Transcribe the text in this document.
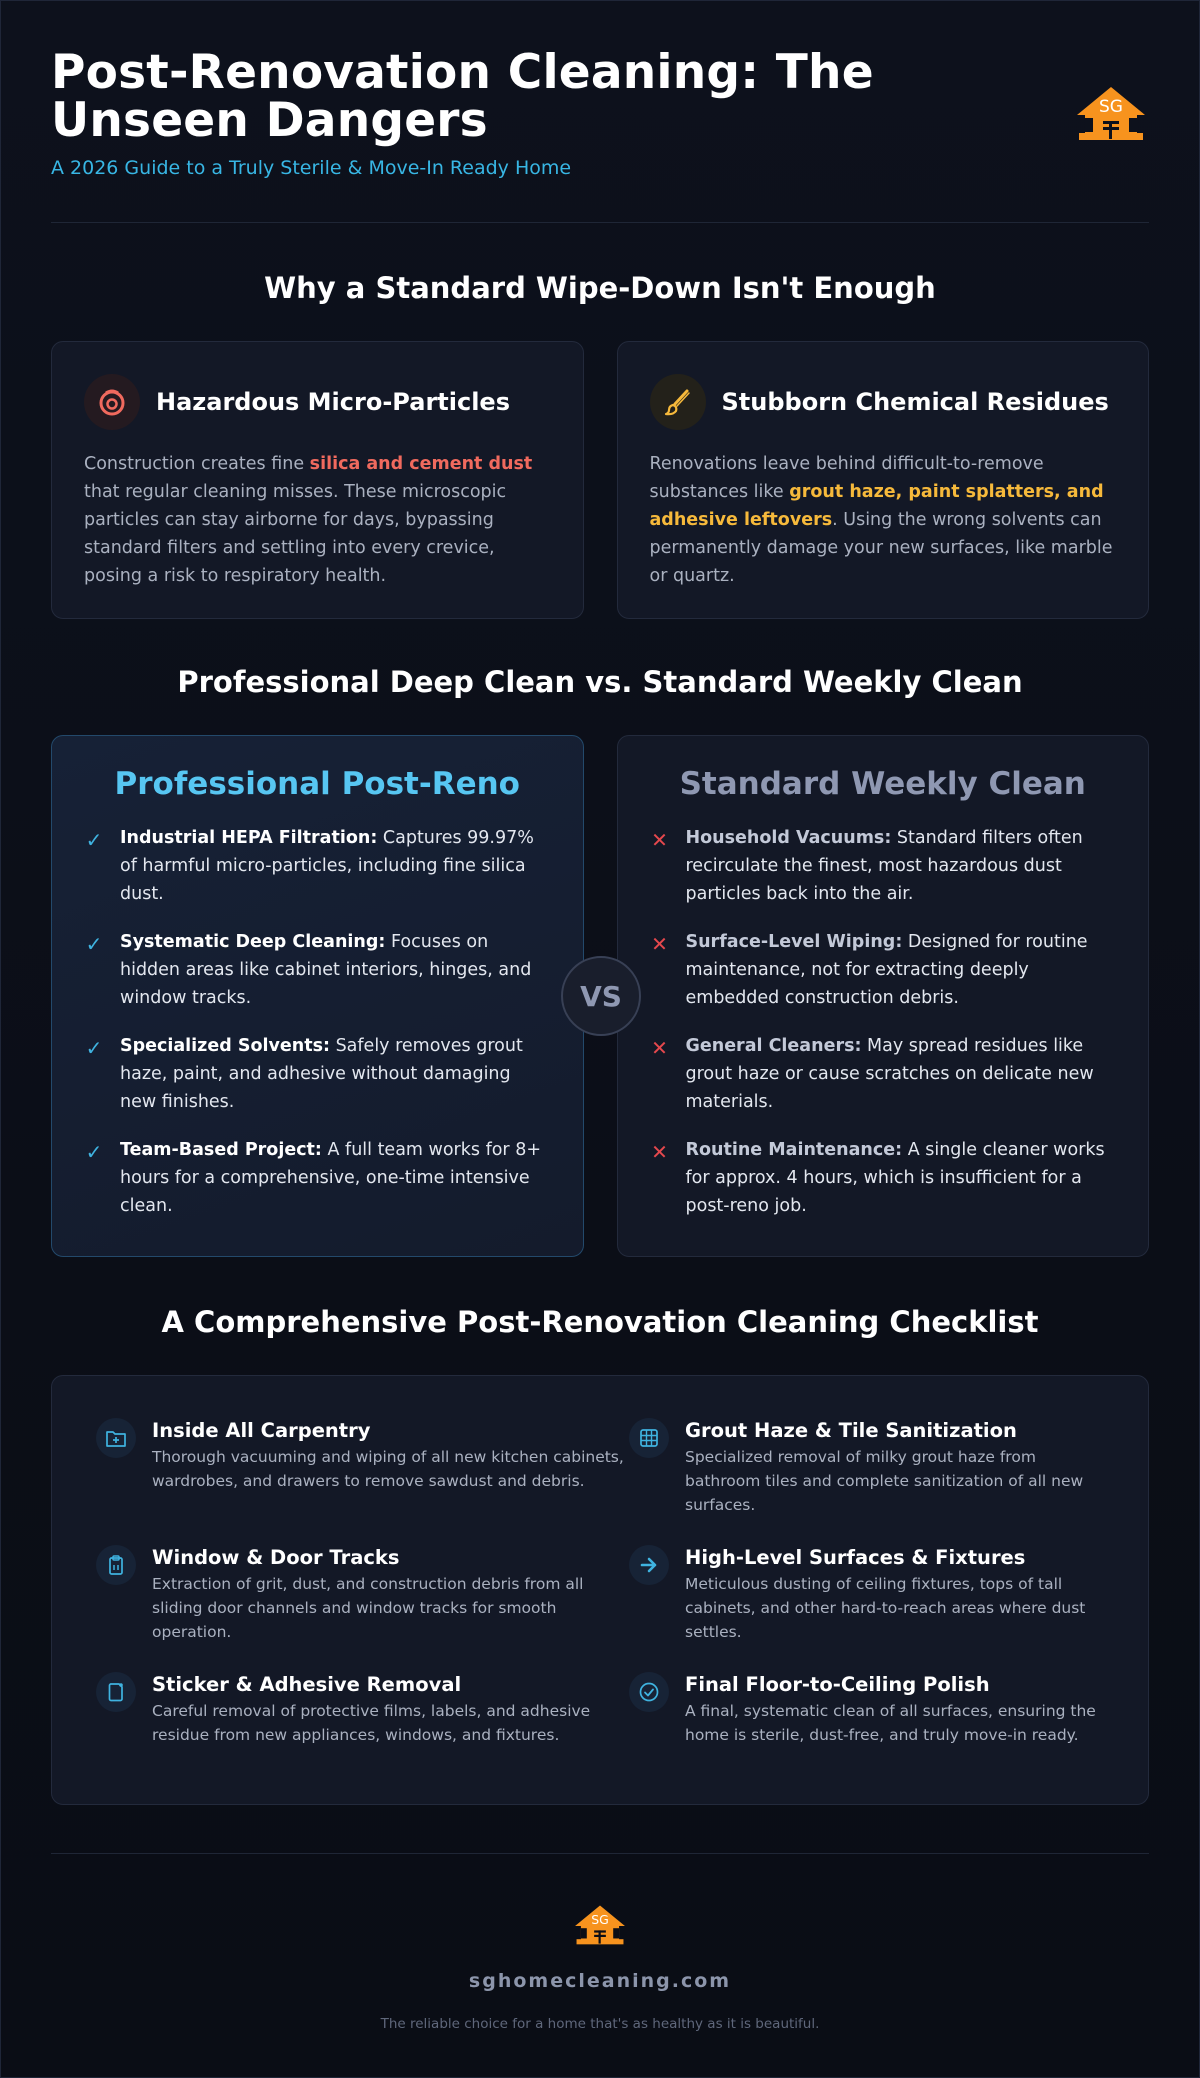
Post-Renovation Cleaning: The Unseen Dangers
A 2026 Guide to a Truly Sterile & Move-In Ready Home
SG
Why a Standard Wipe-Down Isn't Enough
Hazardous Micro-Particles

Construction creates fine silica and cement dust that regular cleaning misses. These microscopic particles can stay airborne for days, bypassing standard filters and settling into every crevice, posing a risk to respiratory health.

Stubborn Chemical Residues

Renovations leave behind difficult-to-remove substances like grout haze, paint splatters, and adhesive leftovers. Using the wrong solvents can permanently damage your new surfaces, like marble or quartz.

Professional Deep Clean vs. Standard Weekly Clean
Professional Post-Reno
✓ Industrial HEPA Filtration: Captures 99.97% of harmful micro-particles, including fine silica dust.

✓ Systematic Deep Cleaning: Focuses on hidden areas like cabinet interiors, hinges, and window tracks.

✓ Specialized Solvents: Safely removes grout haze, paint, and adhesive without damaging new finishes.

✓ Team-Based Project: A full team works for 8+ hours for a comprehensive, one-time intensive clean.

Standard Weekly Clean
✕ Household Vacuums: Standard filters often recirculate the finest, most hazardous dust particles back into the air.

✕ Surface-Level Wiping: Designed for routine maintenance, not for extracting deeply embedded construction debris.

✕ General Cleaners: May spread residues like grout haze or cause scratches on delicate new materials.

✕ Routine Maintenance: A single cleaner works for approx. 4 hours, which is insufficient for a post-reno job.

VS
A Comprehensive Post-Renovation Cleaning Checklist
Inside All Carpentry
Thorough vacuuming and wiping of all new kitchen cabinets, wardrobes, and drawers to remove sawdust and debris.
Grout Haze & Tile Sanitization
Specialized removal of milky grout haze from bathroom tiles and complete sanitization of all new surfaces.
Window & Door Tracks
Extraction of grit, dust, and construction debris from all sliding door channels and window tracks for smooth operation.
High-Level Surfaces & Fixtures
Meticulous dusting of ceiling fixtures, tops of tall cabinets, and other hard-to-reach areas where dust settles.
Sticker & Adhesive Removal
Careful removal of protective films, labels, and adhesive residue from new appliances, windows, and fixtures.
Final Floor-to-Ceiling Polish
A final, systematic clean of all surfaces, ensuring the home is sterile, dust-free, and truly move-in ready.
SG
sghomecleaning.com
The reliable choice for a home that's as healthy as it is beautiful.
